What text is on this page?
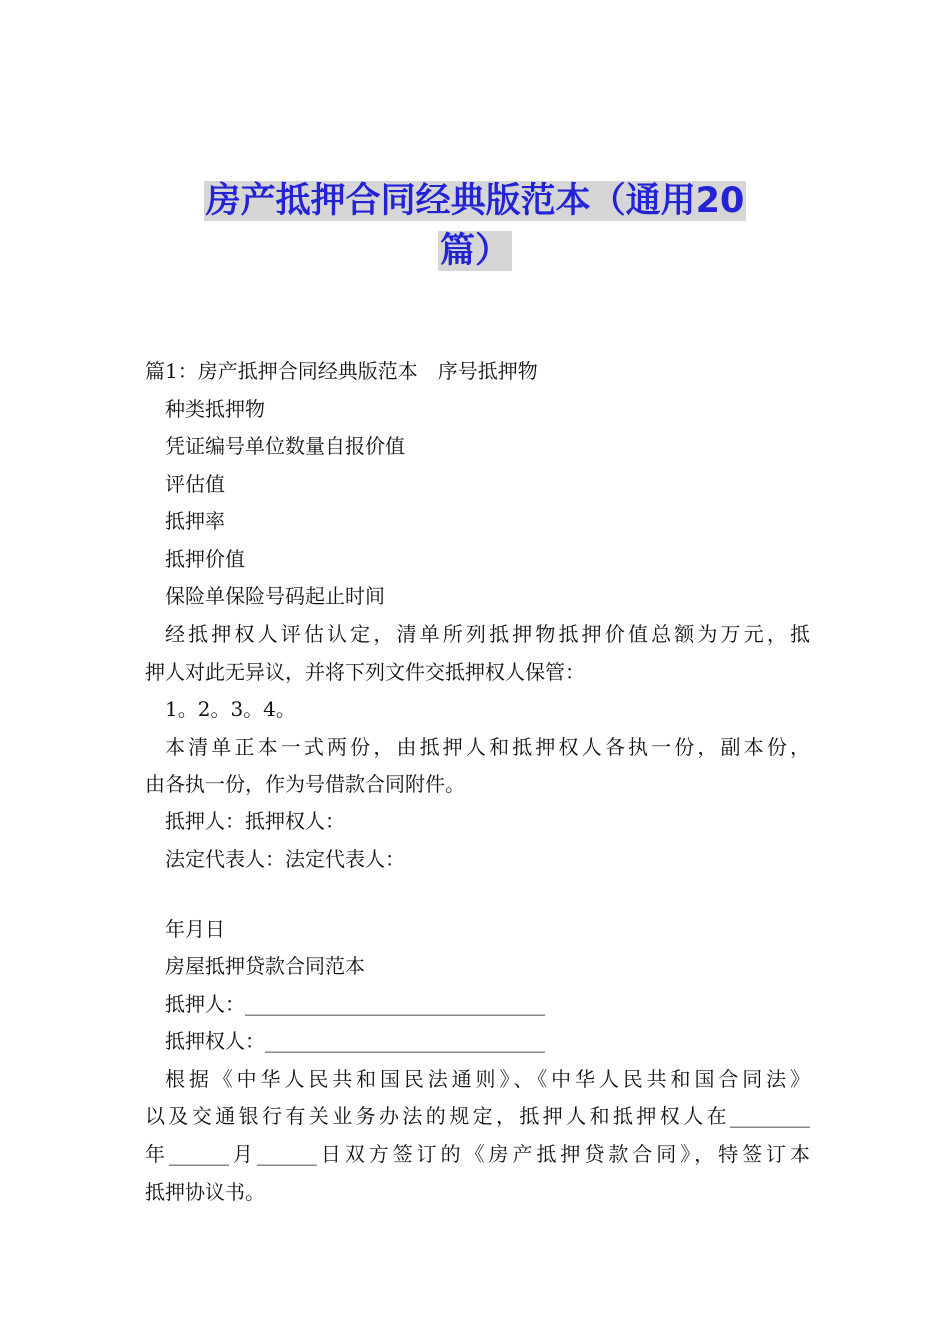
房产抵押合同经典版范本（通用20
篇）
篇1：房产抵押合同经典版范本　序号抵押物
种类抵押物
凭证编号单位数量自报价值
评估值
抵押率
抵押价值
保险单保险号码起止时间
经抵押权人评估认定，清单所列抵押物抵押价值总额为万元，抵
押人对此无异议，并将下列文件交抵押权人保管：
1。2。3。4。
本清单正本一式两份，由抵押人和抵押权人各执一份，副本份，
由各执一份，作为号借款合同附件。
抵押人：抵押权人：
法定代表人：法定代表人：
年月日
房屋抵押贷款合同范本
抵押人：______________________________
抵押权人：____________________________
根据《中华人民共和国民法通则》、《中华人民共和国合同法》
以及交通银行有关业务办法的规定，抵押人和抵押权人在________
年______月______日双方签订的《房产抵押贷款合同》，特签订本
抵押协议书。
